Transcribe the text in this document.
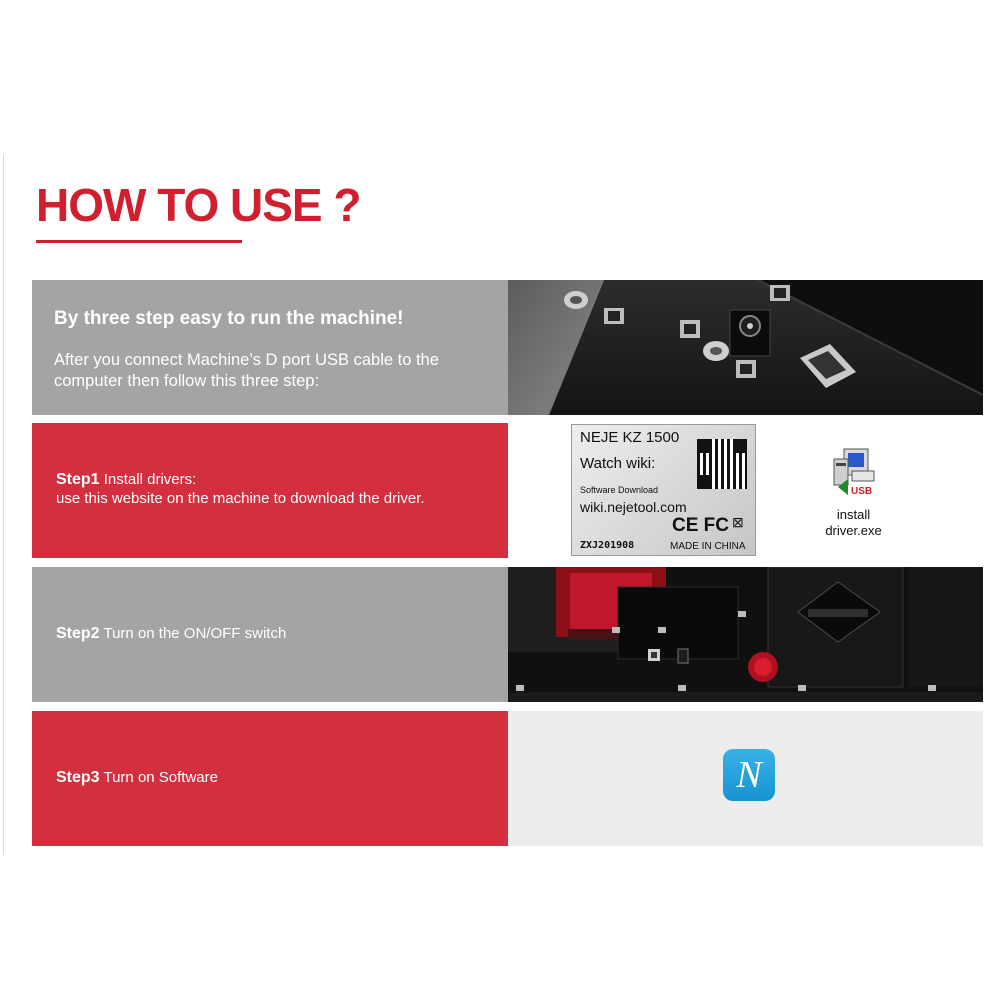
HOW TO USE ?
By three step easy to run the machine!

After you connect Machine’s D port USB cable to the computer then follow this three step:

Step1 Install drivers:
use this website on the machine to download the driver.
NEJE KZ 1500
Watch wiki:
Software Download
wiki.nejetool.com
CE FC ⊠
ZXJ201908	MADE IN CHINA
USB
install
driver.exe
Step2 Turn on the ON/OFF switch
Step3 Turn on Software	N
